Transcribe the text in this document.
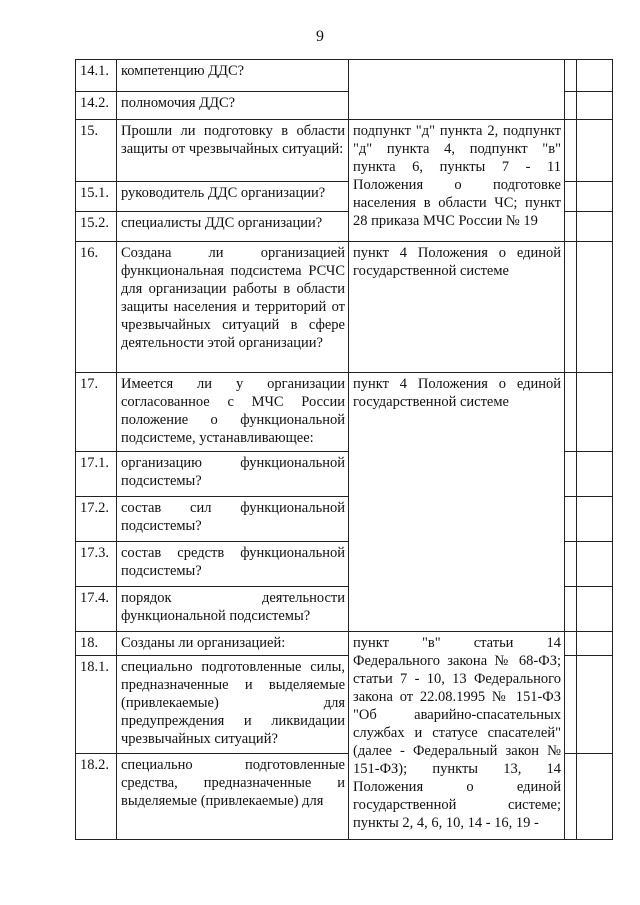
9
14.1.	компетенцию ДДС?			
14.2.	полномочия ДДС?			
15.	Прошли ли подготовку в области защиты от чрезвычайных ситуаций:	подпункт "д" пункта 2, подпункт "д" пункта 4, подпункт "в" пункта 6, пункты 7 - 11 Положения о подготовке населения в области ЧС; пункт 28 приказа МЧС России № 19		
15.1.	руководитель ДДС организации?			
15.2.	специалисты ДДС организации?			
16.	Создана ли организацией функциональная подсистема РСЧС для организации работы в области защиты населения и территорий от чрезвычайных ситуаций в сфере деятельности этой организации?	пункт 4 Положения о единой государственной системе		
17.	Имеется ли у организации согласованное с МЧС России положение о функциональной подсистеме, устанавливающее:	пункт 4 Положения о единой государственной системе		
17.1.	организацию функциональной подсистемы?			
17.2.	состав сил функциональной подсистемы?			
17.3.	состав средств функциональной подсистемы?			
17.4.	порядок деятельности функциональной подсистемы?			
18.	Созданы ли организацией:	пункт "в" статьи 14 Федерального закона № 68-ФЗ; статьи 7 - 10, 13 Федерального закона от 22.08.1995 № 151-ФЗ "Об аварийно-спасательных службах и статусе спасателей" (далее - Федеральный закон № 151-ФЗ); пункты 13, 14 Положения о единой государственной системе; пункты 2, 4, 6, 10, 14 - 16, 19 -		
18.1.	специально подготовленные силы, предназначенные и выделяемые (привлекаемые) для предупреждения и ликвидации чрезвычайных ситуаций?			
18.2.	специально подготовленные средства, предназначенные и выделяемые (привлекаемые) для			
